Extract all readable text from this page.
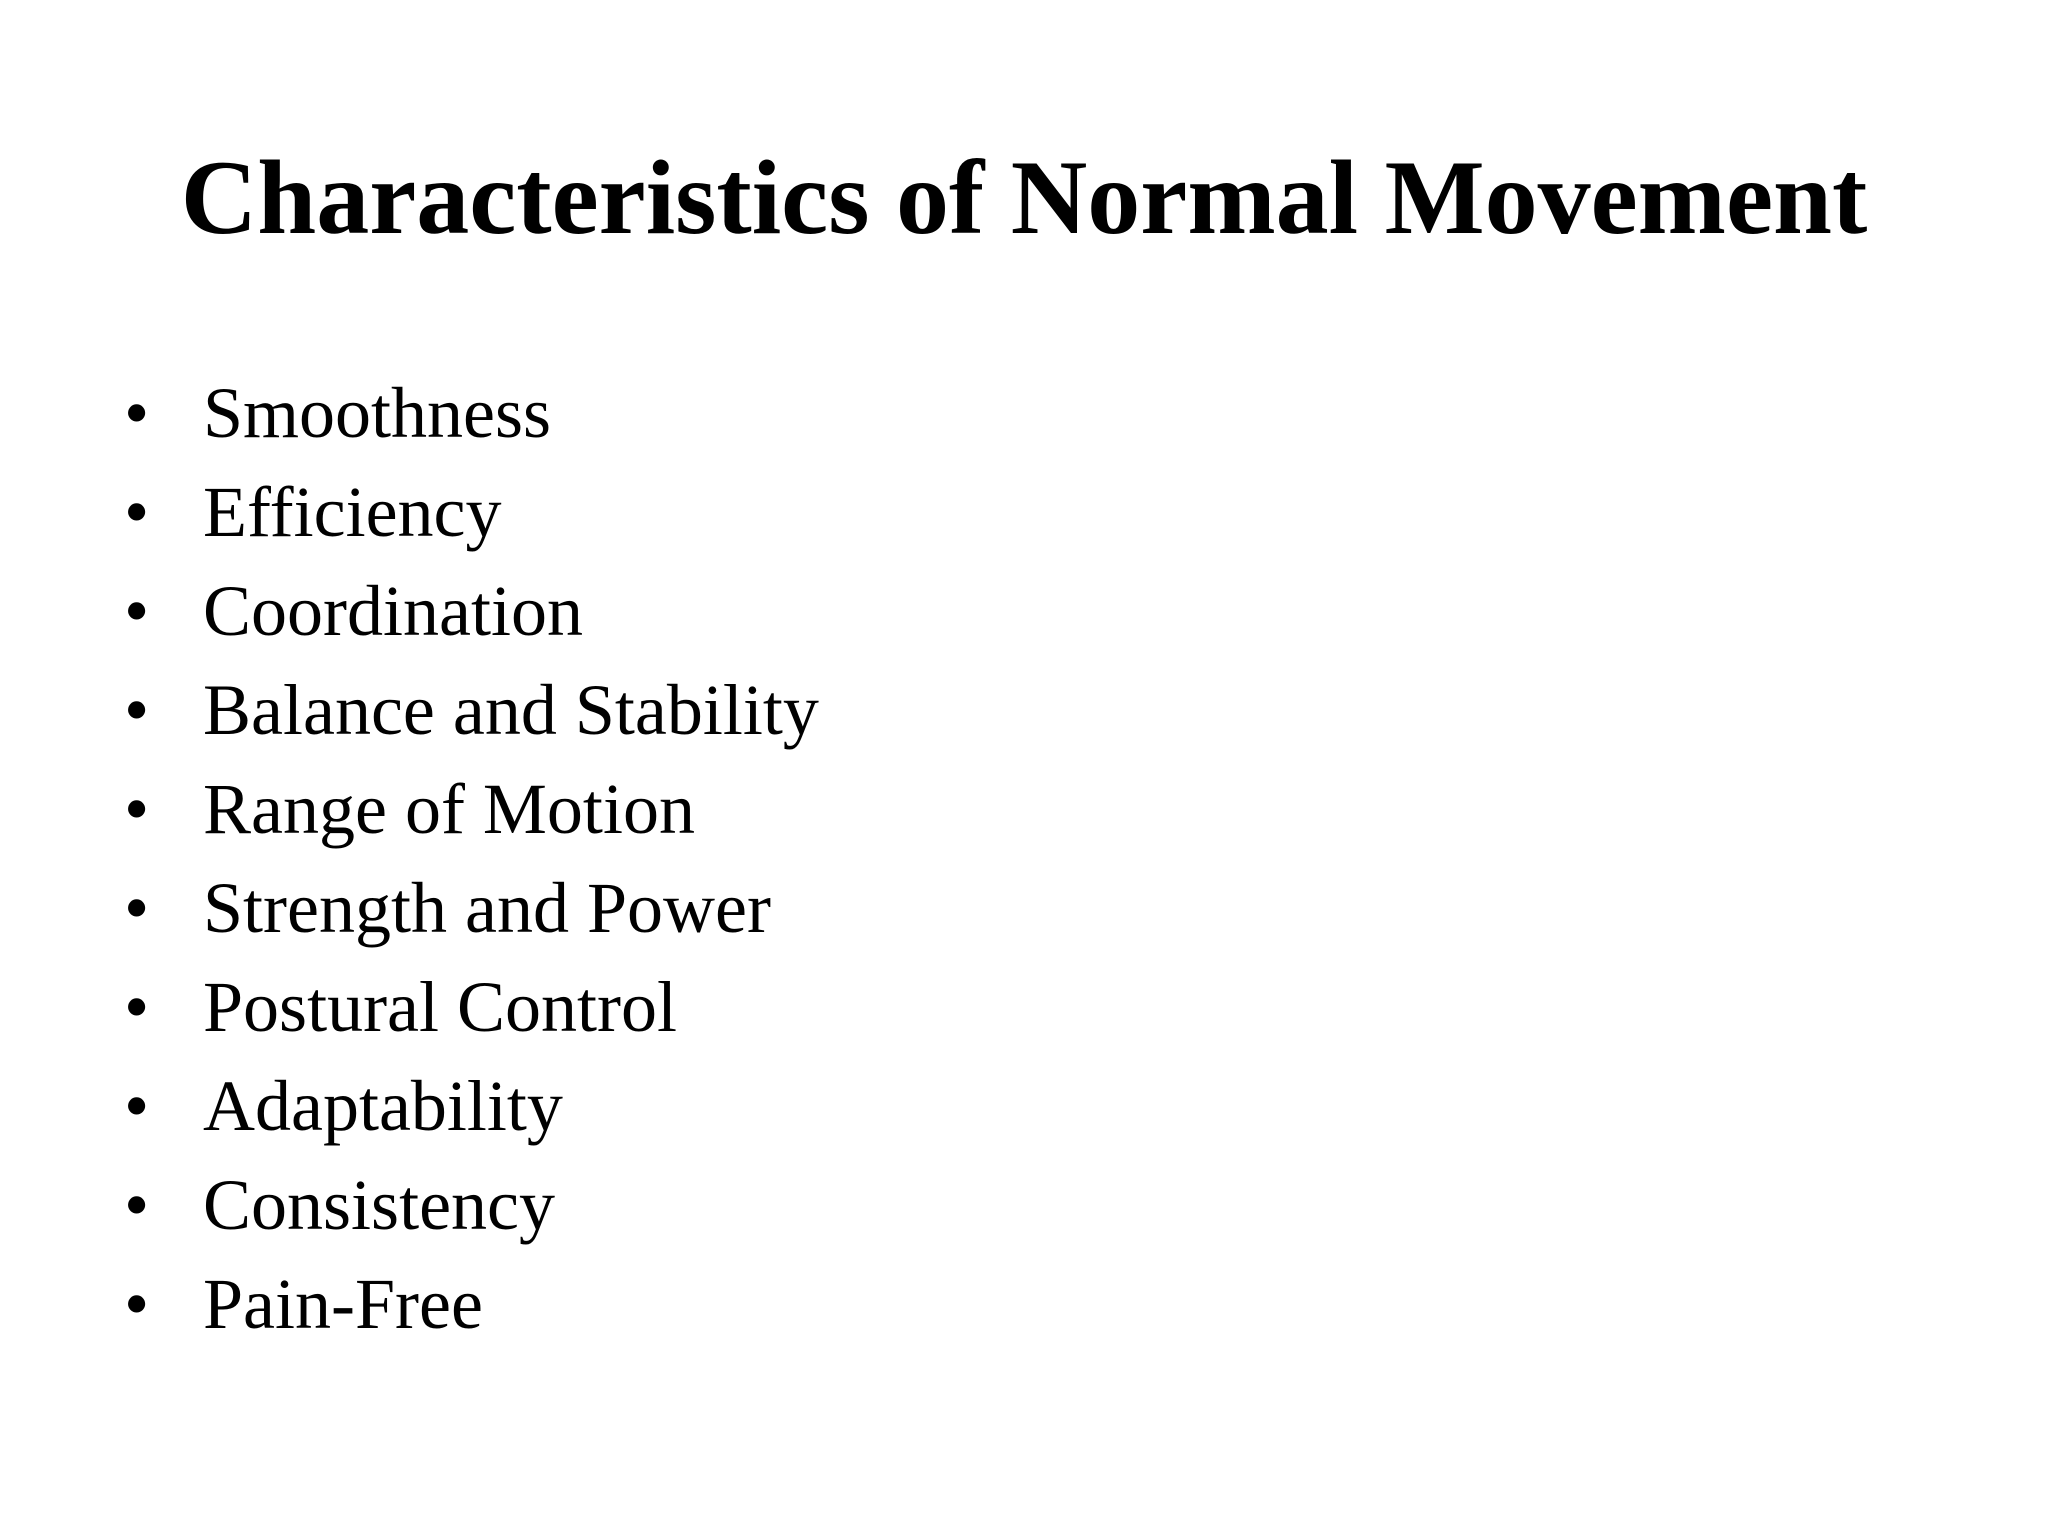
Characteristics of Normal Movement
• Smoothness
• Efficiency
• Coordination
• Balance and Stability
• Range of Motion
• Strength and Power
• Postural Control
• Adaptability
• Consistency
• Pain-Free
